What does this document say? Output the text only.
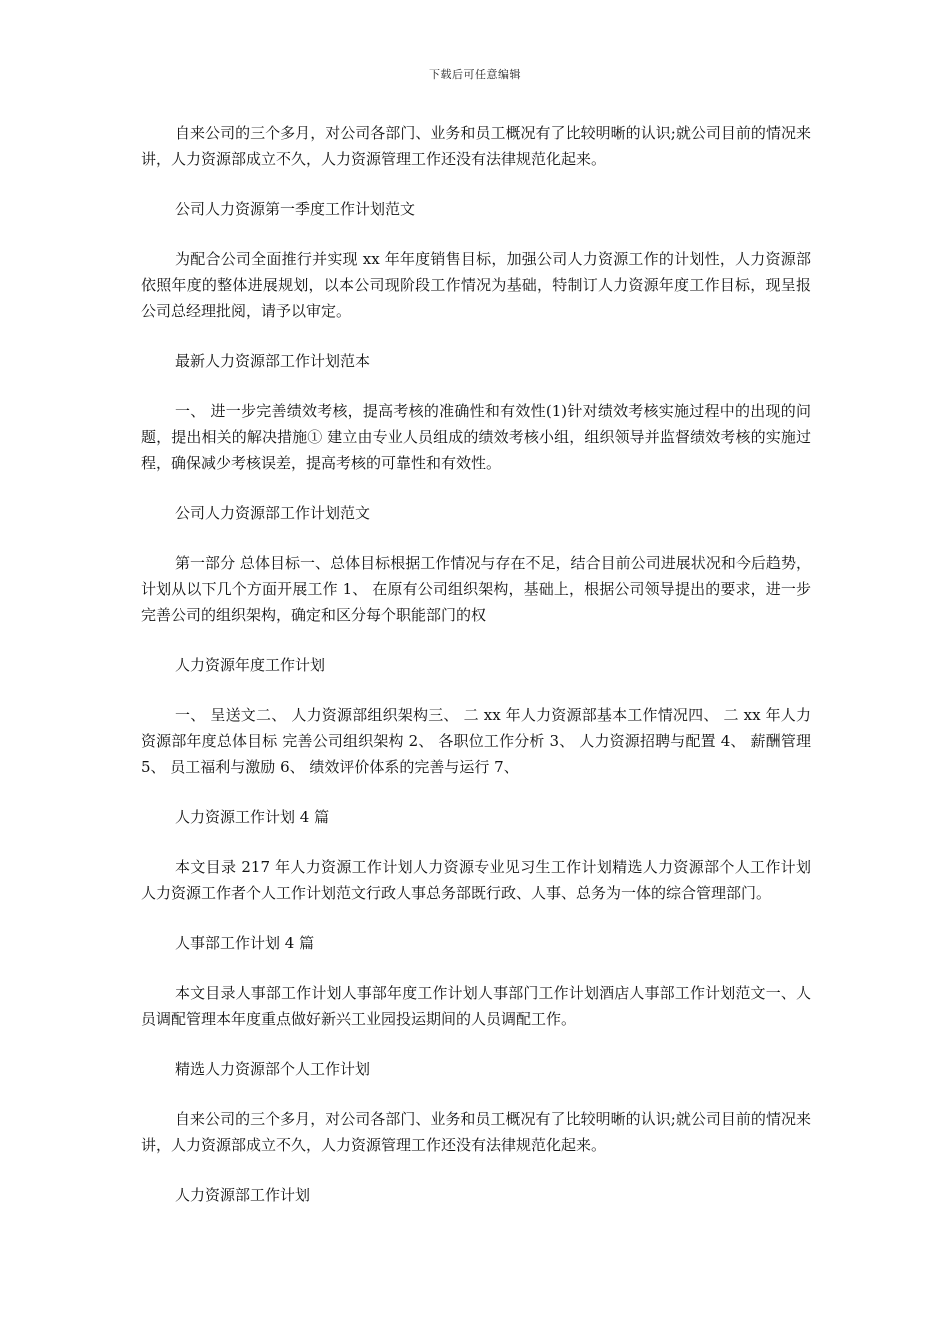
下载后可任意编辑

自来公司的三个多月，对公司各部门、业务和员工概况有了比较明晰的认识;就公司目前的情况来讲，人力资源部成立不久，人力资源管理工作还没有法律规范化起来。

公司人力资源第一季度工作计划范文

为配合公司全面推行并实现 xx 年年度销售目标，加强公司人力资源工作的计划性，人力资源部依照年度的整体进展规划，以本公司现阶段工作情况为基础，特制订人力资源年度工作目标，现呈报公司总经理批阅，请予以审定。

最新人力资源部工作计划范本

一、 进一步完善绩效考核，提高考核的准确性和有效性(1)针对绩效考核实施过程中的出现的问题，提出相关的解决措施① 建立由专业人员组成的绩效考核小组，组织领导并监督绩效考核的实施过程，确保减少考核误差，提高考核的可靠性和有效性。

公司人力资源部工作计划范文

第一部分 总体目标一、总体目标根据工作情况与存在不足，结合目前公司进展状况和今后趋势，计划从以下几个方面开展工作 1、 在原有公司组织架构，基础上，根据公司领导提出的要求，进一步完善公司的组织架构，确定和区分每个职能部门的权

人力资源年度工作计划

一、 呈送文二、 人力资源部组织架构三、 二 xx 年人力资源部基本工作情况四、 二 xx 年人力资源部年度总体目标 完善公司组织架构 2、 各职位工作分析 3、 人力资源招聘与配置 4、 薪酬管理 5、 员工福利与激励 6、 绩效评价体系的完善与运行 7、

人力资源工作计划 4 篇

本文目录 217 年人力资源工作计划人力资源专业见习生工作计划精选人力资源部个人工作计划人力资源工作者个人工作计划范文行政人事总务部既行政、人事、总务为一体的综合管理部门。

人事部工作计划 4 篇

本文目录人事部工作计划人事部年度工作计划人事部门工作计划酒店人事部工作计划范文一、人员调配管理本年度重点做好新兴工业园投运期间的人员调配工作。

精选人力资源部个人工作计划

自来公司的三个多月，对公司各部门、业务和员工概况有了比较明晰的认识;就公司目前的情况来讲，人力资源部成立不久，人力资源管理工作还没有法律规范化起来。

人力资源部工作计划
